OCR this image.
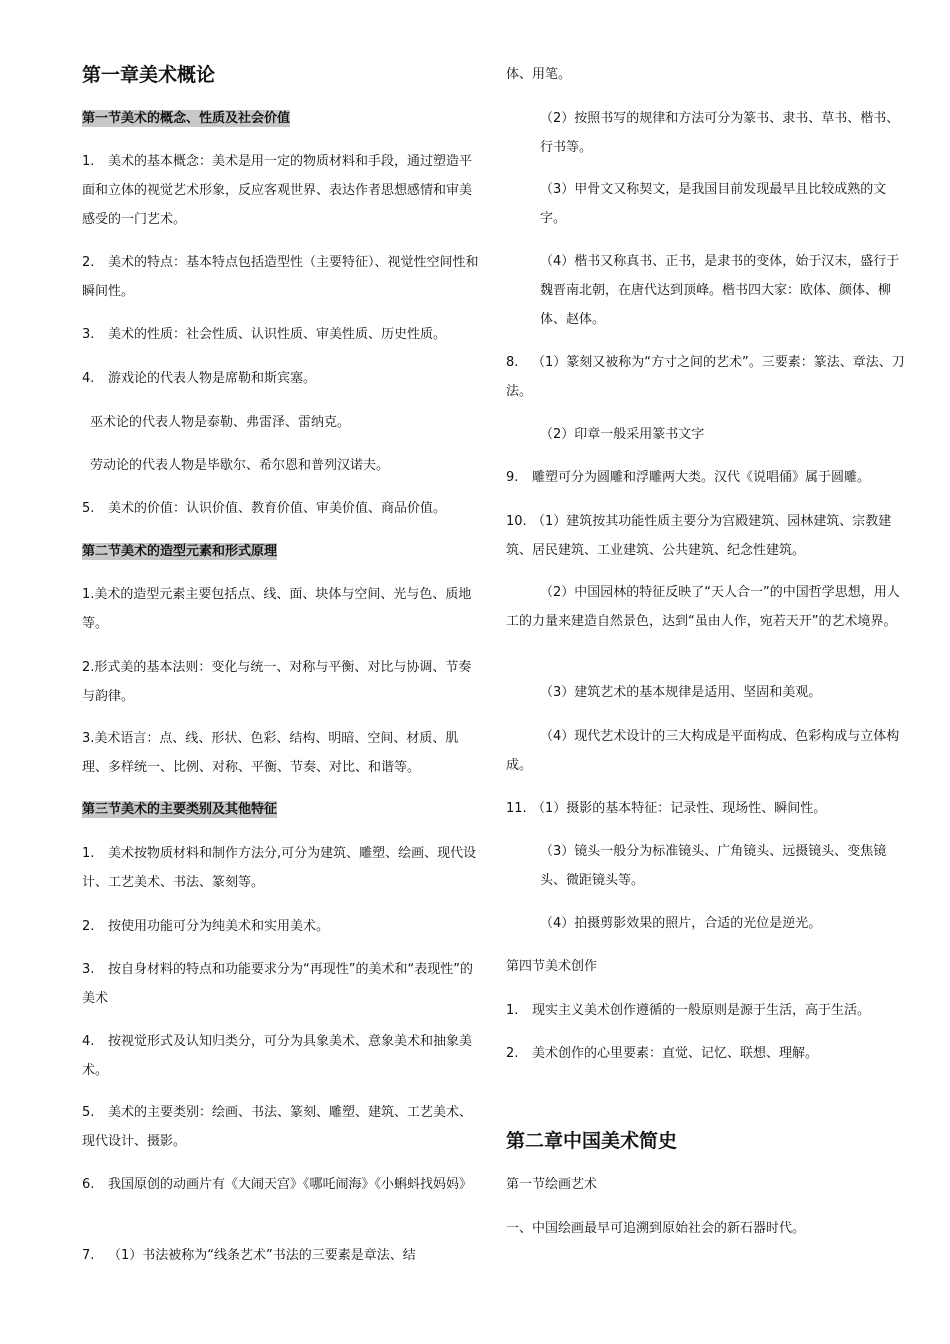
第一章美术概论
第一节美术的概念、性质及社会价值

1. 美术的基本概念：美术是用一定的物质材料和手段，通过塑造平面和立体的视觉艺术形象，反应客观世界、表达作者思想感情和审美感受的一门艺术。

2. 美术的特点：基本特点包括造型性（主要特征）、视觉性空间性和瞬间性。

3. 美术的性质：社会性质、认识性质、审美性质、历史性质。

4. 游戏论的代表人物是席勒和斯宾塞。

巫术论的代表人物是泰勒、弗雷泽、雷纳克。

劳动论的代表人物是毕歇尔、希尔恩和普列汉诺夫。

5. 美术的价值：认识价值、教育价值、审美价值、商品价值。

第二节美术的造型元素和形式原理

1.美术的造型元素主要包括点、线、面、块体与空间、光与色、质地等。

2.形式美的基本法则：变化与统一、对称与平衡、对比与协调、节奏与韵律。

3.美术语言：点、线、形状、色彩、结构、明暗、空间、材质、肌理、多样统一、比例、对称、平衡、节奏、对比、和谐等。

第三节美术的主要类别及其他特征

1. 美术按物质材料和制作方法分,可分为建筑、雕塑、绘画、现代设计、工艺美术、书法、篆刻等。

2. 按使用功能可分为纯美术和实用美术。

3. 按自身材料的特点和功能要求分为“再现性”的美术和“表现性”的美术

4. 按视觉形式及认知归类分，可分为具象美术、意象美术和抽象美术。

5. 美术的主要类别：绘画、书法、篆刻、雕塑、建筑、工艺美术、现代设计、摄影。

6. 我国原创的动画片有《大闹天宫》《哪吒闹海》《小蝌蚪找妈妈》

7. （1）书法被称为“线条艺术”书法的三要素是章法、结

体、用笔。

（2）按照书写的规律和方法可分为篆书、隶书、草书、楷书、行书等。

（3）甲骨文又称契文，是我国目前发现最早且比较成熟的文字。

（4）楷书又称真书、正书，是隶书的变体，始于汉末，盛行于魏晋南北朝，在唐代达到顶峰。楷书四大家：欧体、颜体、柳体、赵体。

8. （1）篆刻又被称为“方寸之间的艺术”。三要素：篆法、章法、刀法。

（2）印章一般采用篆书文字

9. 雕塑可分为圆雕和浮雕两大类。汉代《说唱俑》属于圆雕。

10. （1）建筑按其功能性质主要分为宫殿建筑、园林建筑、宗教建筑、居民建筑、工业建筑、公共建筑、纪念性建筑。

（2）中国园林的特征反映了“天人合一”的中国哲学思想，用人工的力量来建造自然景色，达到“虽由人作，宛若天开”的艺术境界。

（3）建筑艺术的基本规律是适用、坚固和美观。

（4）现代艺术设计的三大构成是平面构成、色彩构成与立体构成。

11. （1）摄影的基本特征：记录性、现场性、瞬间性。

（3）镜头一般分为标准镜头、广角镜头、远摄镜头、变焦镜头、微距镜头等。

（4）拍摄剪影效果的照片，合适的光位是逆光。

第四节美术创作

1. 现实主义美术创作遵循的一般原则是源于生活，高于生活。

2. 美术创作的心里要素：直觉、记忆、联想、理解。

第二章中国美术简史
第一节绘画艺术

一、中国绘画最早可追溯到原始社会的新石器时代。
